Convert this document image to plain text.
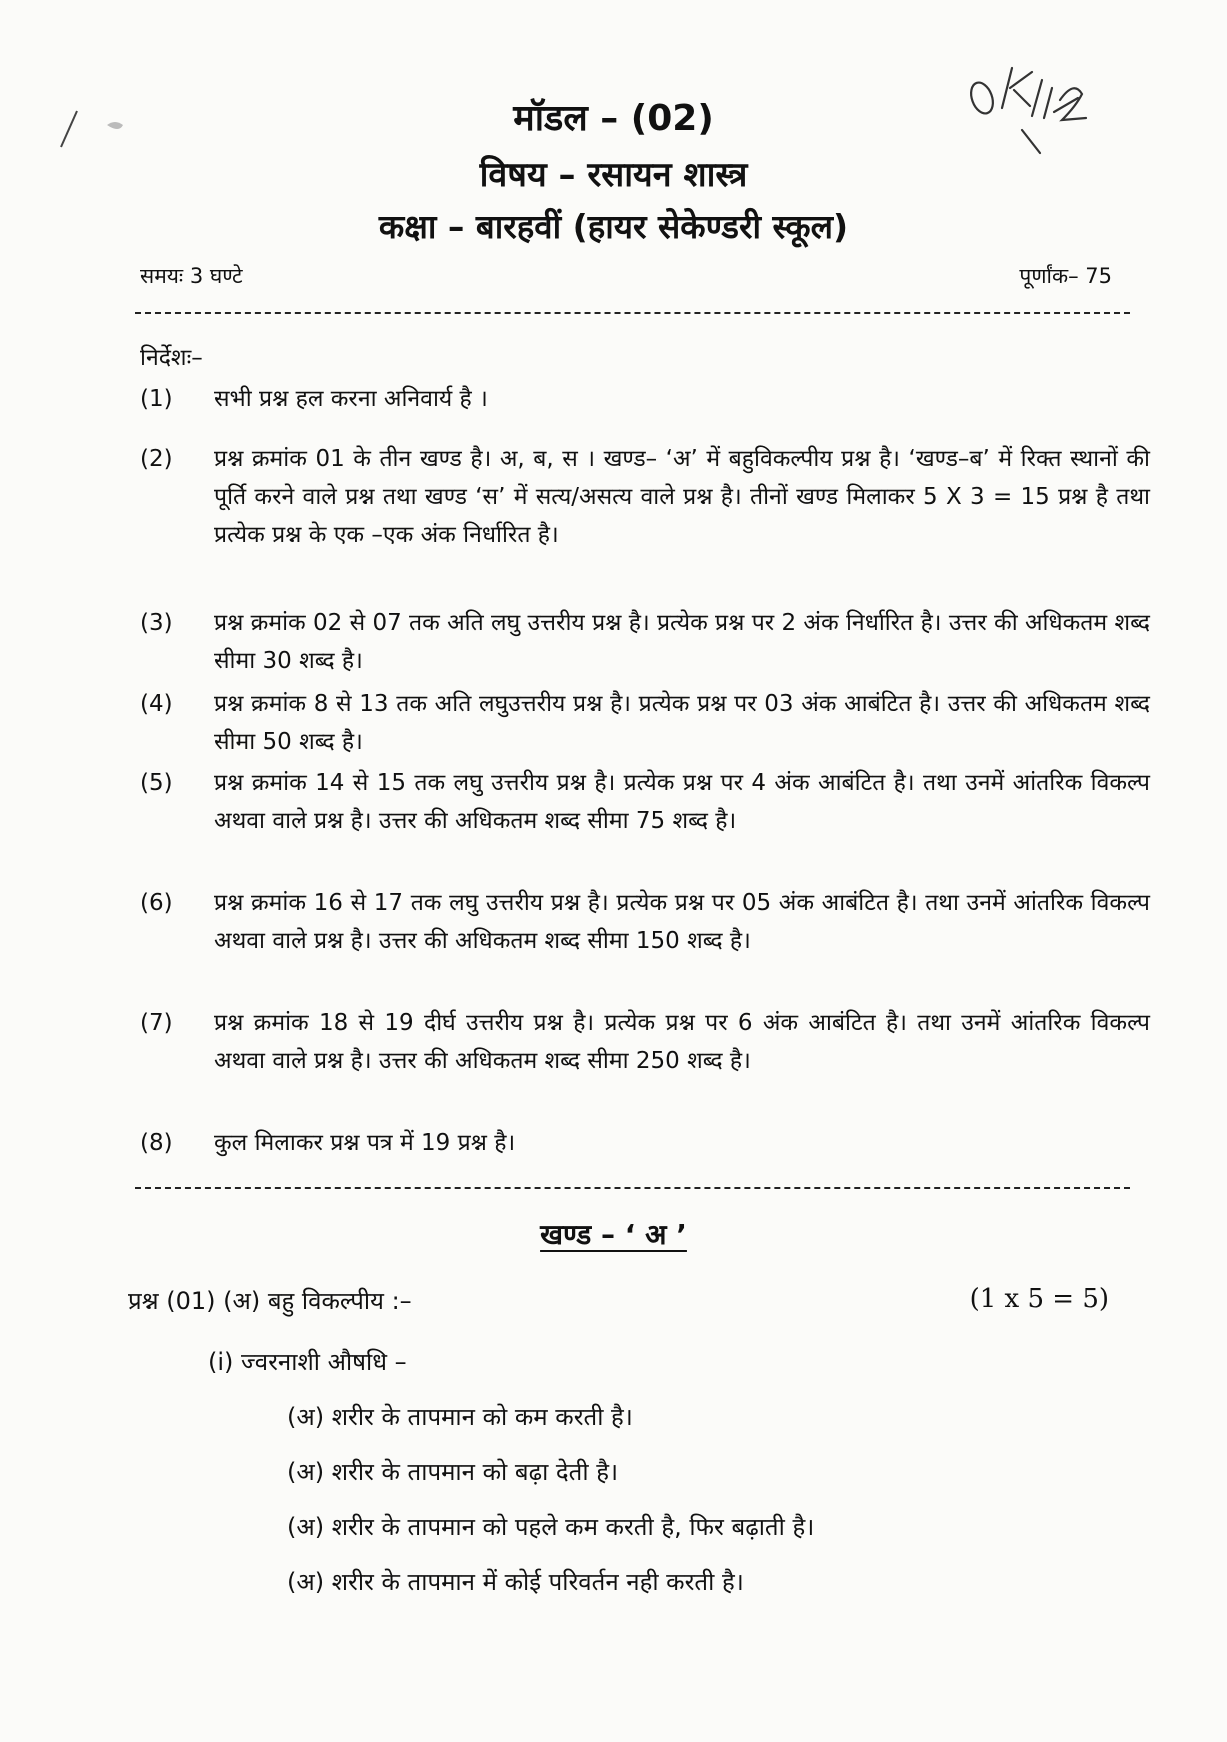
मॉडल – (02)
विषय – रसायन शास्त्र
कक्षा – बारहवीं (हायर सेकेण्डरी स्कूल)
समयः 3 घण्टे	पूर्णांक– 75
निर्देशः–
(1)	सभी प्रश्न हल करना अनिवार्य है ।
(2)	प्रश्न क्रमांक 01 के तीन खण्ड है। अ, ब, स । खण्ड– ‘अ’ में बहुविकल्पीय प्रश्न है। ‘खण्ड–ब’ में रिक्त स्थानों की पूर्ति करने वाले प्रश्न तथा खण्ड ‘स’ में सत्य/असत्य वाले प्रश्न है। तीनों खण्ड मिलाकर 5 X 3 = 15 प्रश्न है तथा प्रत्येक प्रश्न के एक –एक अंक निर्धारित है।
(3)	प्रश्न क्रमांक 02 से 07 तक अति लघु उत्तरीय प्रश्न है। प्रत्येक प्रश्न पर 2 अंक निर्धारित है। उत्तर की अधिकतम शब्द सीमा 30 शब्द है।
(4)	प्रश्न क्रमांक 8 से 13 तक अति लघुउत्तरीय प्रश्न है। प्रत्येक प्रश्न पर 03 अंक आबंटित है। उत्तर की अधिकतम शब्द सीमा 50 शब्द है।
(5)	प्रश्न क्रमांक 14 से 15 तक लघु उत्तरीय प्रश्न है। प्रत्येक प्रश्न पर 4 अंक आबंटित है। तथा उनमें आंतरिक विकल्प अथवा वाले प्रश्न है। उत्तर की अधिकतम शब्द सीमा 75 शब्द है।
(6)	प्रश्न क्रमांक 16 से 17 तक लघु उत्तरीय प्रश्न है। प्रत्येक प्रश्न पर 05 अंक आबंटित है। तथा उनमें आंतरिक विकल्प अथवा वाले प्रश्न है। उत्तर की अधिकतम शब्द सीमा 150 शब्द है।
(7)	प्रश्न क्रमांक 18 से 19 दीर्घ उत्तरीय प्रश्न है। प्रत्येक प्रश्न पर 6 अंक आबंटित है। तथा उनमें आंतरिक विकल्प अथवा वाले प्रश्न है। उत्तर की अधिकतम शब्द सीमा 250 शब्द है।
(8)	कुल मिलाकर प्रश्न पत्र में 19 प्रश्न है।
खण्ड – ‘ अ ’
प्रश्न (01) (अ) बहु विकल्पीय :–	(1 x 5 = 5)
(i) ज्वरनाशी औषधि –
(अ) शरीर के तापमान को कम करती है।
(अ) शरीर के तापमान को बढ़ा देती है।
(अ) शरीर के तापमान को पहले कम करती है, फिर बढ़ाती है।
(अ) शरीर के तापमान में कोई परिवर्तन नही करती है।
